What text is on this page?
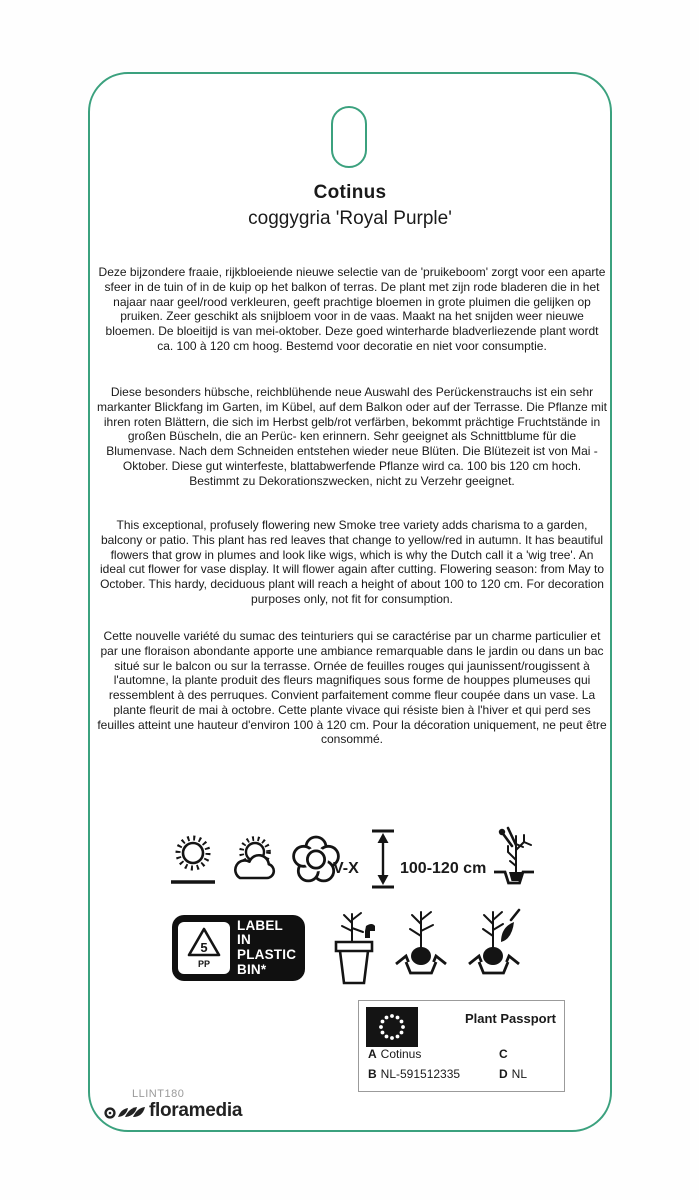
Cotinus
coggygria 'Royal Purple'

Deze bijzondere fraaie, rijkbloeiende nieuwe selectie van de 'pruikeboom' zorgt voor een aparte sfeer in de tuin of in de kuip op het balkon of terras. De plant met zijn rode bladeren die in het najaar naar geel/rood verkleuren, geeft prachtige bloemen in grote pluimen die gelijken op pruiken. Zeer geschikt als snijbloem voor in de vaas. Maakt na het snijden weer nieuwe bloemen. De bloeitijd is van mei-oktober. Deze goed winterharde bladverliezende plant wordt ca. 100 à 120 cm hoog. Bestemd voor decoratie en niet voor consumptie.

Diese besonders hübsche, reichblühende neue Auswahl des Perückenstrauchs ist ein sehr markanter Blickfang im Garten, im Kübel, auf dem Balkon oder auf der Terrasse. Die Pflanze mit ihren roten Blättern, die sich im Herbst gelb/rot verfärben, bekommt prächtige Fruchtstände in großen Büscheln, die an Perüc- ken erinnern. Sehr geeignet als Schnittblume für die Blumenvase. Nach dem Schneiden entstehen wieder neue Blüten. Die Blütezeit ist von Mai - Oktober. Diese gut winterfeste, blattabwerfende Pflanze wird ca. 100 bis 120 cm hoch. Bestimmt zu Dekorationszwecken, nicht zu Verzehr geeignet.

This exceptional, profusely flowering new Smoke tree variety adds charisma to a garden, balcony or patio. This plant has red leaves that change to yellow/red in autumn. It has beautiful flowers that grow in plumes and look like wigs, which is why the Dutch call it a 'wig tree'. An ideal cut flower for vase display. It will flower again after cutting. Flowering season: from May to October. This hardy, deciduous plant will reach a height of about 100 to 120 cm. For decoration purposes only, not fit for consumption.

Cette nouvelle variété du sumac des teinturiers qui se caractérise par un charme particulier et par une floraison abondante apporte une ambiance remarquable dans le jardin ou dans un bac situé sur le balcon ou sur la terrasse. Ornée de feuilles rouges qui jaunissent/rougissent à l'automne, la plante produit des fleurs magnifiques sous forme de houppes plumeuses qui ressemblent à des perruques. Convient parfaitement comme fleur coupée dans un vase. La plante fleurit de mai à octobre. Cette plante vivace qui résiste bien à l'hiver et qui perd ses feuilles atteint une hauteur d'environ 100 à 120 cm. Pour la décoration uniquement, ne peut être consommé.

V-X	100-120 cm
5
PP
LABEL IN
PLASTIC
BIN*
Plant Passport
A Cotinus	C
B NL-591512335	D NL
LLINT180
floramedia
